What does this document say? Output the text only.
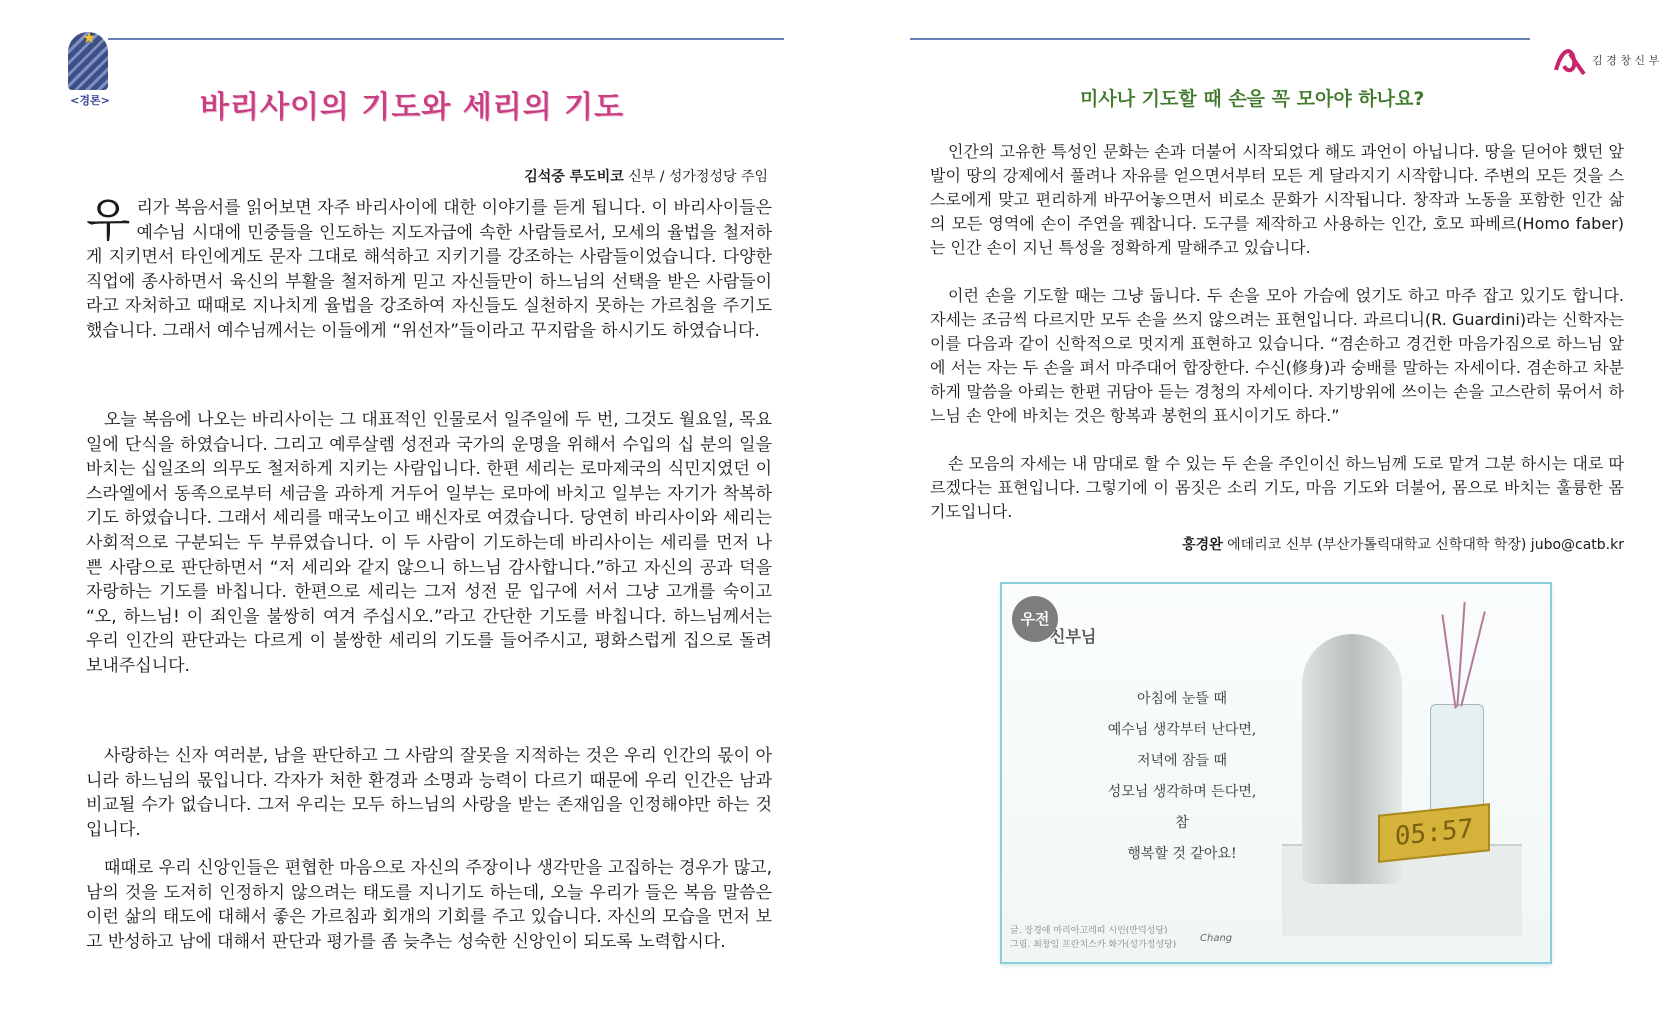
★
<경론>	바리사이의 기도와 세리의 기도
김석중 루도비코 신부 / 성가정성당 주임
우리가 복음서를 읽어보면 자주 바리사이에 대한 이야기를 듣게 됩니다. 이 바리사이들은 예수님 시대에 민중들을 인도하는 지도자급에 속한 사람들로서, 모세의 율법을 철저하게 지키면서 타인에게도 문자 그대로 해석하고 지키기를 강조하는 사람들이었습니다. 다양한 직업에 종사하면서 육신의 부활을 철저하게 믿고 자신들만이 하느님의 선택을 받은 사람들이라고 자처하고 때때로 지나치게 율법을 강조하여 자신들도 실천하지 못하는 가르침을 주기도 했습니다. 그래서 예수님께서는 이들에게 “위선자”들이라고 꾸지람을 하시기도 하였습니다.
오늘 복음에 나오는 바리사이는 그 대표적인 인물로서 일주일에 두 번, 그것도 월요일, 목요일에 단식을 하였습니다. 그리고 예루살렘 성전과 국가의 운명을 위해서 수입의 십 분의 일을 바치는 십일조의 의무도 철저하게 지키는 사람입니다. 한편 세리는 로마제국의 식민지였던 이스라엘에서 동족으로부터 세금을 과하게 거두어 일부는 로마에 바치고 일부는 자기가 착복하기도 하였습니다. 그래서 세리를 매국노이고 배신자로 여겼습니다. 당연히 바리사이와 세리는 사회적으로 구분되는 두 부류였습니다. 이 두 사람이 기도하는데 바리사이는 세리를 먼저 나쁜 사람으로 판단하면서 “저 세리와 같지 않으니 하느님 감사합니다.”하고 자신의 공과 덕을 자랑하는 기도를 바칩니다. 한편으로 세리는 그저 성전 문 입구에 서서 그냥 고개를 숙이고 “오, 하느님! 이 죄인을 불쌍히 여겨 주십시오.”라고 간단한 기도를 바칩니다. 하느님께서는 우리 인간의 판단과는 다르게 이 불쌍한 세리의 기도를 들어주시고, 평화스럽게 집으로 돌려 보내주십니다.
사랑하는 신자 여러분, 남을 판단하고 그 사람의 잘못을 지적하는 것은 우리 인간의 몫이 아니라 하느님의 몫입니다. 각자가 처한 환경과 소명과 능력이 다르기 때문에 우리 인간은 남과 비교될 수가 없습니다. 그저 우리는 모두 하느님의 사랑을 받는 존재임을 인정해야만 하는 것입니다.
때때로 우리 신앙인들은 편협한 마음으로 자신의 주장이나 생각만을 고집하는 경우가 많고, 남의 것을 도저히 인정하지 않으려는 태도를 지니기도 하는데, 오늘 우리가 들은 복음 말씀은 이런 삶의 태도에 대해서 좋은 가르침과 회개의 기회를 주고 있습니다. 자신의 모습을 먼저 보고 반성하고 남에 대해서 판단과 평가를 좀 늦추는 성숙한 신앙인이 되도록 노력합시다.
김 경 창 신 부
미사나 기도할 때 손을 꼭 모아야 하나요?
인간의 고유한 특성인 문화는 손과 더불어 시작되었다 해도 과언이 아닙니다. 땅을 딛어야 했던 앞발이 땅의 강제에서 풀려나 자유를 얻으면서부터 모든 게 달라지기 시작합니다. 주변의 모든 것을 스스로에게 맞고 편리하게 바꾸어놓으면서 비로소 문화가 시작됩니다. 창작과 노동을 포함한 인간 삶의 모든 영역에 손이 주연을 꿰찹니다. 도구를 제작하고 사용하는 인간, 호모 파베르(Homo faber)는 인간 손이 지닌 특성을 정확하게 말해주고 있습니다.
이런 손을 기도할 때는 그냥 둡니다. 두 손을 모아 가슴에 얹기도 하고 마주 잡고 있기도 합니다. 자세는 조금씩 다르지만 모두 손을 쓰지 않으려는 표현입니다. 과르디니(R. Guardini)라는 신학자는 이를 다음과 같이 신학적으로 멋지게 표현하고 있습니다. “겸손하고 경건한 마음가짐으로 하느님 앞에 서는 자는 두 손을 펴서 마주대어 합장한다. 수신(修身)과 숭배를 말하는 자세이다. 겸손하고 차분하게 말씀을 아뢰는 한편 귀담아 듣는 경청의 자세이다. 자기방위에 쓰이는 손을 고스란히 묶어서 하느님 손 안에 바치는 것은 항복과 봉헌의 표시이기도 하다.”
손 모음의 자세는 내 맘대로 할 수 있는 두 손을 주인이신 하느님께 도로 맡겨 그분 하시는 대로 따르겠다는 표현입니다. 그렇기에 이 몸짓은 소리 기도, 마음 기도와 더불어, 몸으로 바치는 훌륭한 몸기도입니다.
홍경완 에데리코 신부 (부산가톨릭대학교 신학대학 학장) jubo@catb.kr
우전
신부님
아침에 눈뜰 때
예수님 생각부터 난다면,
저녁에 잠들 때
성모님 생각하며 든다면,
참
행복할 것 같아요!
05:57
글. 장경애 마리아고레띠 시인(만덕성당)
그림. 최창임 프란치스카 화가(성가정성당)
Chang
